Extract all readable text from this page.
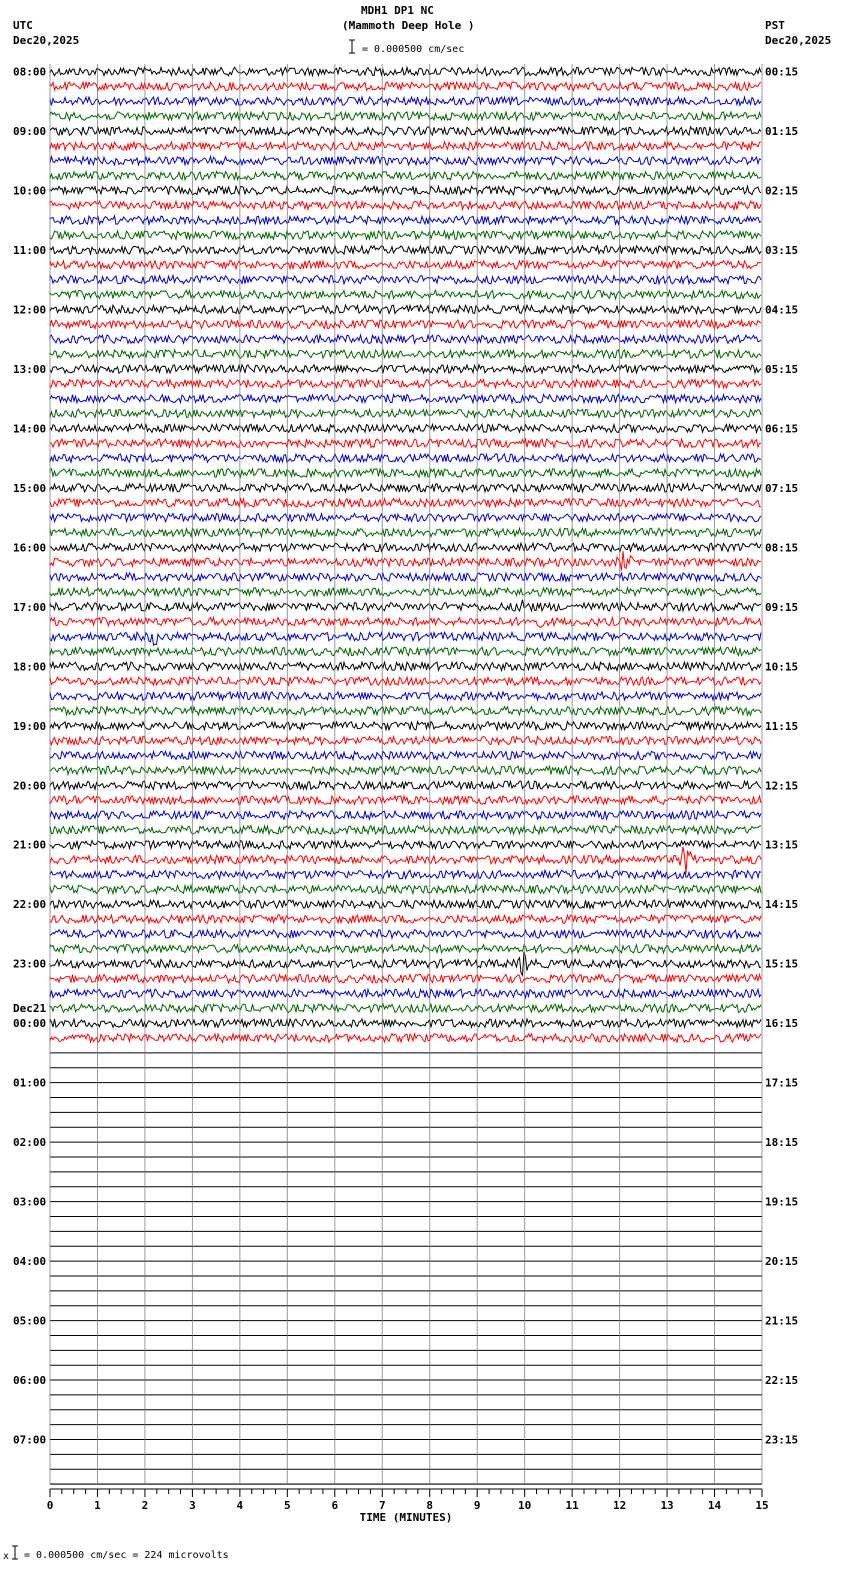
MDH1 DP1 NC
(Mammoth Deep Hole )
= 0.000500 cm/sec
UTC
Dec20,2025
PST
Dec20,2025
x = 0.000500 cm/sec = 224 microvolts
08:00	00:15
09:00	01:15
10:00	02:15
11:00	03:15
12:00	04:15
13:00	05:15
14:00	06:15
15:00	07:15
16:00	08:15
17:00	09:15
18:00	10:15
19:00	11:15
20:00	12:15
21:00	13:15
22:00	14:15
23:00	15:15
00:00	16:15
01:00	17:15
02:00	18:15
03:00	19:15
04:00	20:15
05:00	21:15
06:00	22:15
07:00	23:15
Dec21
0	1	2	3	4	5	6	7	8	9	10	11	12	13	14	15
TIME (MINUTES)
